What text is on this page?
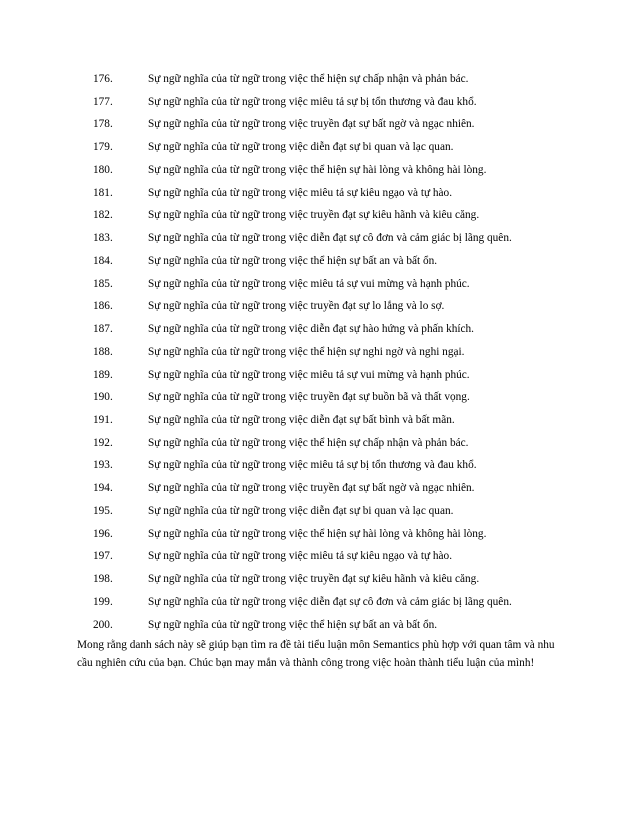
176.	Sự ngữ nghĩa của từ ngữ trong việc thể hiện sự chấp nhận và phản bác.
177.	Sự ngữ nghĩa của từ ngữ trong việc miêu tả sự bị tổn thương và đau khổ.
178.	Sự ngữ nghĩa của từ ngữ trong việc truyền đạt sự bất ngờ và ngạc nhiên.
179.	Sự ngữ nghĩa của từ ngữ trong việc diễn đạt sự bi quan và lạc quan.
180.	Sự ngữ nghĩa của từ ngữ trong việc thể hiện sự hài lòng và không hài lòng.
181.	Sự ngữ nghĩa của từ ngữ trong việc miêu tả sự kiêu ngạo và tự hào.
182.	Sự ngữ nghĩa của từ ngữ trong việc truyền đạt sự kiêu hãnh và kiêu căng.
183.	Sự ngữ nghĩa của từ ngữ trong việc diễn đạt sự cô đơn và cảm giác bị lãng quên.
184.	Sự ngữ nghĩa của từ ngữ trong việc thể hiện sự bất an và bất ổn.
185.	Sự ngữ nghĩa của từ ngữ trong việc miêu tả sự vui mừng và hạnh phúc.
186.	Sự ngữ nghĩa của từ ngữ trong việc truyền đạt sự lo lắng và lo sợ.
187.	Sự ngữ nghĩa của từ ngữ trong việc diễn đạt sự hào hứng và phấn khích.
188.	Sự ngữ nghĩa của từ ngữ trong việc thể hiện sự nghi ngờ và nghi ngại.
189.	Sự ngữ nghĩa của từ ngữ trong việc miêu tả sự vui mừng và hạnh phúc.
190.	Sự ngữ nghĩa của từ ngữ trong việc truyền đạt sự buồn bã và thất vọng.
191.	Sự ngữ nghĩa của từ ngữ trong việc diễn đạt sự bất bình và bất mãn.
192.	Sự ngữ nghĩa của từ ngữ trong việc thể hiện sự chấp nhận và phản bác.
193.	Sự ngữ nghĩa của từ ngữ trong việc miêu tả sự bị tổn thương và đau khổ.
194.	Sự ngữ nghĩa của từ ngữ trong việc truyền đạt sự bất ngờ và ngạc nhiên.
195.	Sự ngữ nghĩa của từ ngữ trong việc diễn đạt sự bi quan và lạc quan.
196.	Sự ngữ nghĩa của từ ngữ trong việc thể hiện sự hài lòng và không hài lòng.
197.	Sự ngữ nghĩa của từ ngữ trong việc miêu tả sự kiêu ngạo và tự hào.
198.	Sự ngữ nghĩa của từ ngữ trong việc truyền đạt sự kiêu hãnh và kiêu căng.
199.	Sự ngữ nghĩa của từ ngữ trong việc diễn đạt sự cô đơn và cảm giác bị lãng quên.
200.	Sự ngữ nghĩa của từ ngữ trong việc thể hiện sự bất an và bất ổn.

Mong rằng danh sách này sẽ giúp bạn tìm ra đề tài tiểu luận môn Semantics phù hợp với quan tâm và nhu cầu nghiên cứu của bạn. Chúc bạn may mắn và thành công trong việc hoàn thành tiểu luận của mình!
